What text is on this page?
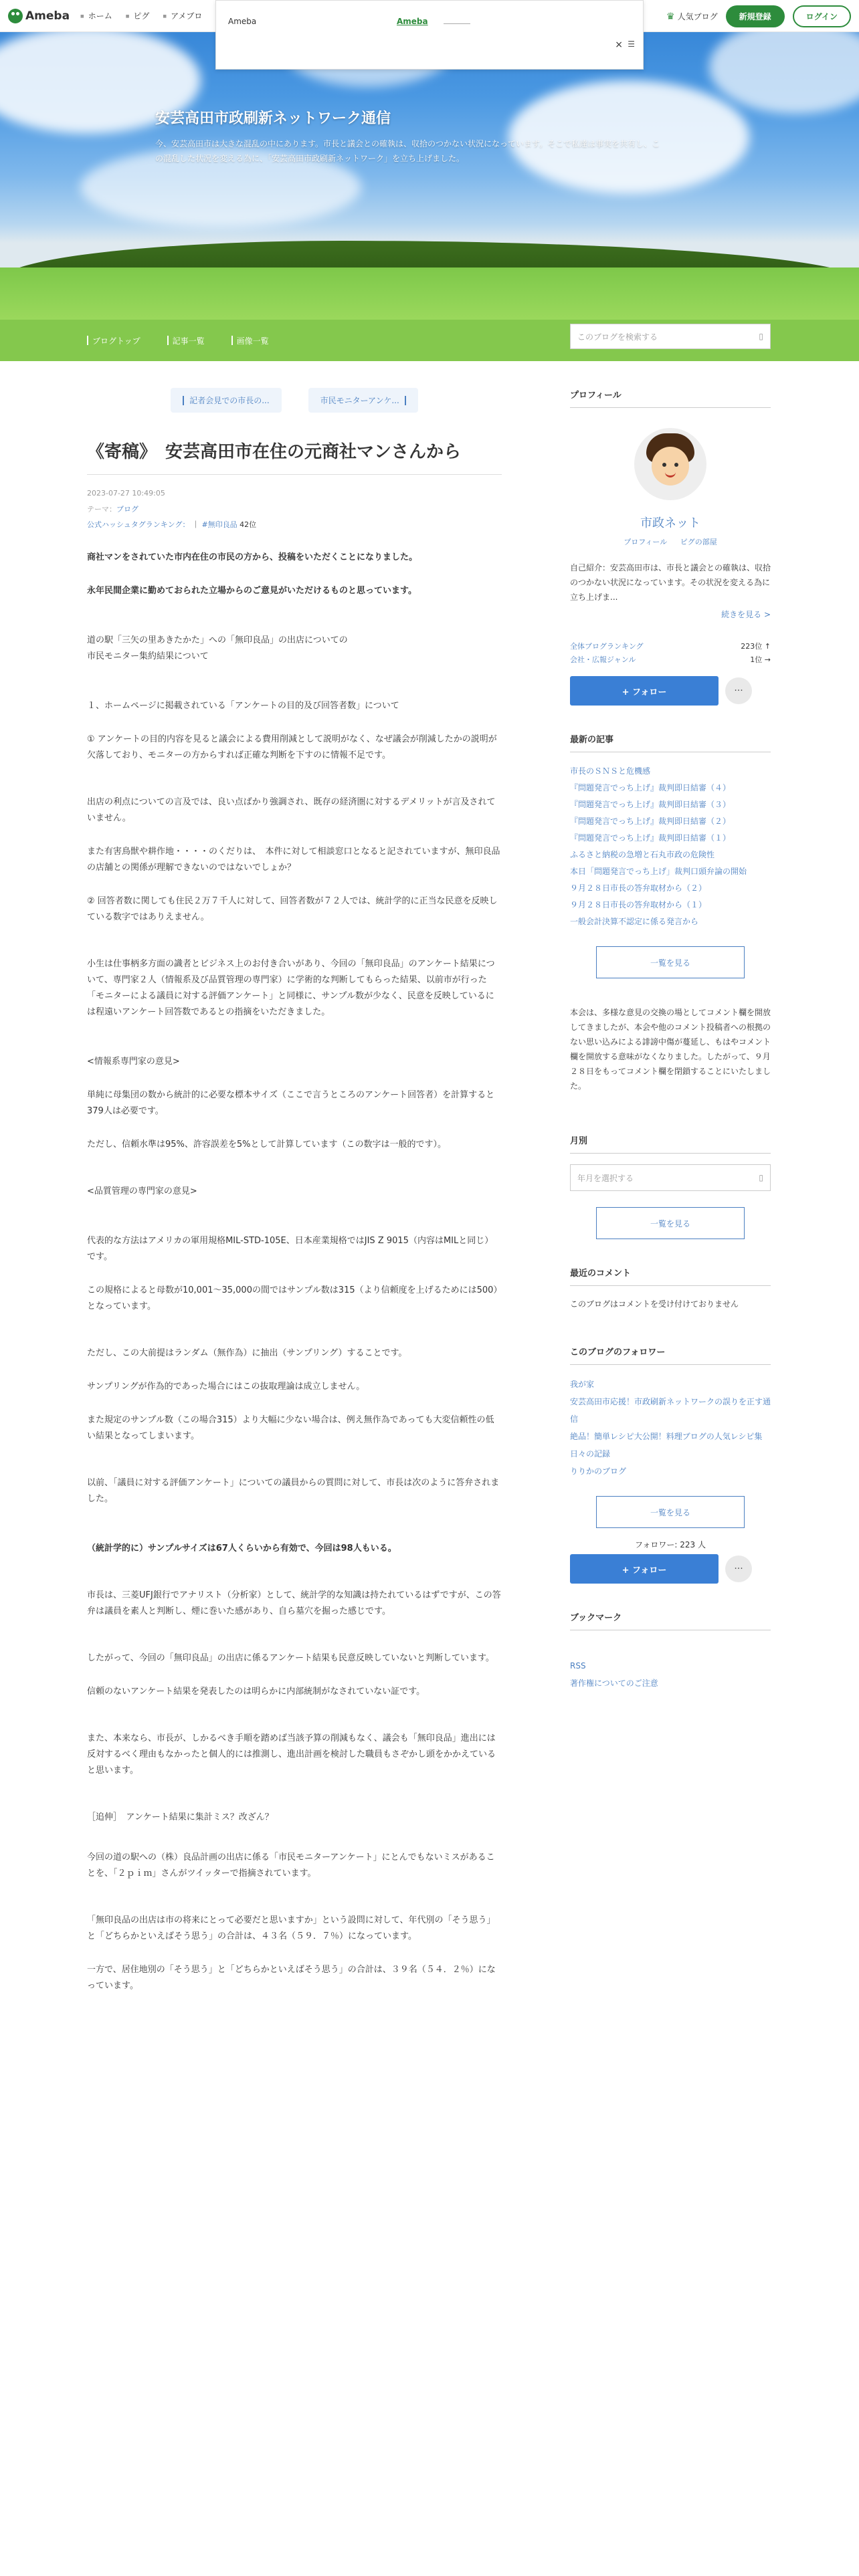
安芸高田市政刷新ネットワーク通信
今、安芸高田市は大きな混乱の中にあります。市長と議会との確執は、収拾のつかない状況になっています。そこで私達は事実を共有し、この混乱した状況を変える為に、「安芸高田市政刷新ネットワーク」を立ち上げました。
Ameba	■ ホーム	■ ピグ	■ アメブロ
Ameba	Ameba
× ☰
♛ 人気ブログ	新規登録	ログイン
ブログトップ	記事一覧	画像一覧	このブログを検索する	▯
記者会見での市長の...	市民モニターアンケ...
《寄稿》　安芸高田市在住の元商社マンさんから
2023-07-27 10:49:05
テーマ：ブログ
公式ハッシュタグランキング： ｜ #無印良品 42位

商社マンをされていた市内在住の市民の方から、投稿をいただくことになりました。

永年民間企業に勤めておられた立場からのご意見がいただけるものと思っています。

道の駅「三矢の里あきたかた」への「無印良品」の出店についての
市民モニター集約結果について

１、ホームページに掲載されている「アンケートの目的及び回答者数」について

① アンケートの目的内容を見ると議会による費用削減として説明がなく、なぜ議会が削減したかの説明が欠落しており、モニターの方からすれば正確な判断を下すのに情報不足です。

出店の利点についての言及では、良い点ばかり強調され、既存の経済圏に対するデメリットが言及されていません。

また有害鳥獣や耕作地・・・・のくだりは、　本件に対して相談窓口となると記されていますが、無印良品の店舗との関係が理解できないのではないでしょか？

② 回答者数に関しても住民２万７千人に対して、回答者数が７２人では、統計学的に正当な民意を反映している数字ではありえません。

小生は仕事柄多方面の識者とビジネス上のお付き合いがあり、今回の「無印良品」のアンケート結果について、専門家２人（情報系及び品質管理の専門家）に学術的な判断してもらった結果、以前市が行った「モニターによる議員に対する評価アンケート」と同様に、サンプル数が少なく、民意を反映しているには程遠いアンケート回答数であるとの指摘をいただきました。

<情報系専門家の意見>

単純に母集団の数から統計的に必要な標本サイズ（ここで言うところのアンケート回答者）を計算すると379人は必要です。

ただし、信頼水準は95%、許容誤差を5%として計算しています（この数字は一般的です）。

<品質管理の専門家の意見>

代表的な方法はアメリカの軍用規格MIL-STD-105E、日本産業規格ではJIS Z 9015（内容はMILと同じ）です。

この規格によると母数が10,001～35,000の間ではサンプル数は315（より信頼度を上げるためには500）となっています。

ただし、この大前提はランダム（無作為）に抽出（サンプリング）することです。

サンプリングが作為的であった場合にはこの抜取理論は成立しません。

また規定のサンプル数（この場合315）より大幅に少ない場合は、例え無作為であっても大変信頼性の低い結果となってしまいます。

以前、「議員に対する評価アンケート」についての議員からの質問に対して、市長は次のように答弁されました。

（統計学的に）サンプルサイズは67人くらいから有効で、今回は98人もいる。

市長は、三菱UFJ銀行でアナリスト（分析家）として、統計学的な知識は持たれているはずですが、この答弁は議員を素人と判断し、煙に巻いた感があり、自ら墓穴を掘った感じです。

したがって、今回の「無印良品」の出店に係るアンケート結果も民意反映していないと判断しています。

信頼のないアンケート結果を発表したのは明らかに内部統制がなされていない証です。

また、本来なら、市長が、しかるべき手順を踏めば当該予算の削減もなく、議会も「無印良品」進出には反対するべく理由もなかったと個人的には推測し、進出計画を検討した職員もさぞかし頭をかかえていると思います。

［追伸］　アンケート結果に集計ミス？改ざん？

今回の道の駅への（株）良品計画の出店に係る「市民モニターアンケート」にとんでもないミスがあることを、「２ｐｉｍ」さんがツイッターで指摘されています。

「無印良品の出店は市の将来にとって必要だと思いますか」という設問に対して、年代別の「そう思う」と「どちらかといえばそう思う」の合計は、４３名（５９．７％）になっています。

一方で、居住地別の「そう思う」と「どちらかといえばそう思う」の合計は、３９名（５４．２％）になっています。

プロフィール
市政ネット
プロフィール ピグの部屋
自己紹介：安芸高田市は、市長と議会との確執は、収拾のつかない状況になっています。その状況を変える為に立ち上げま...
続きを見る >
全体ブログランキング	223位 ↑
会社・広報ジャンル	1位 →
+ フォロー	···
最新の記事
市長のＳＮＳと危機感
『問題発言でっち上げ』裁判即日結審（４）
『問題発言でっち上げ』裁判即日結審（３）
『問題発言でっち上げ』裁判即日結審（２）
『問題発言でっち上げ』裁判即日結審（１）
ふるさと納税の急増と石丸市政の危険性
本日「問題発言でっち上げ」裁判口頭弁論の開始
９月２８日市長の答弁取材から（２）
９月２８日市長の答弁取材から（１）
一般会計決算不認定に係る発言から
一覧を見る
本会は、多様な意見の交換の場としてコメント欄を開放してきましたが、本会や他のコメント投稿者への根拠のない思い込みによる誹謗中傷が蔓延し、もはやコメント欄を開放する意味がなくなりました。したがって、９月２８日をもってコメント欄を閉鎖することにいたしました。
月別
年月を選択する	▯
一覧を見る
最近のコメント
このブログはコメントを受け付けておりません
このブログのフォロワー
我が家
安芸高田市応援！市政刷新ネットワークの誤りを正す通信
絶品！簡単レシピ大公開！料理ブログの人気レシピ集
日々の記録
りりかのブログ
一覧を見る
フォロワー: 223 人
+ フォロー	···
ブックマーク
RSS
著作権についてのご注意
